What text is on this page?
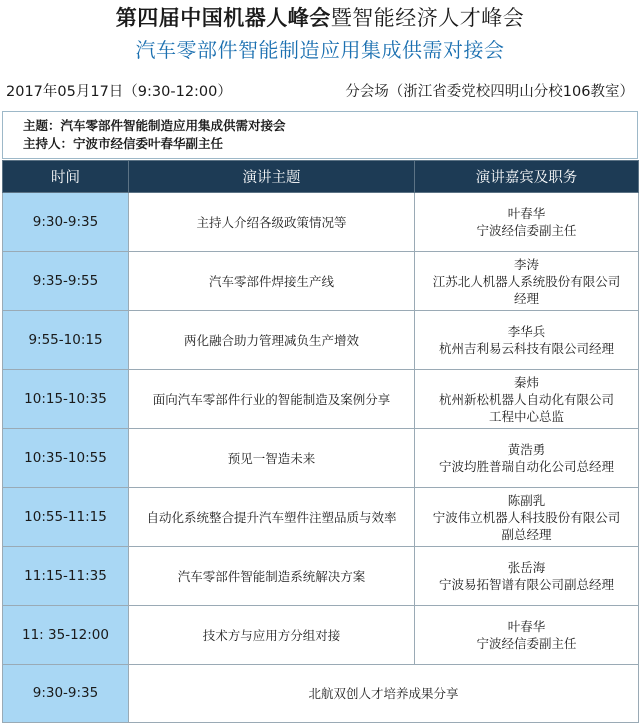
第四届中国机器人峰会暨智能经济人才峰会
汽车零部件智能制造应用集成供需对接会
2017年05月17日（9:30-12:00）	分会场（浙江省委党校四明山分校106教室）
主题：汽车零部件智能制造应用集成供需对接会
主持人：宁波市经信委叶春华副主任
时间	演讲主题	演讲嘉宾及职务
9:30-9:35	主持人介绍各级政策情况等	叶春华
宁波经信委副主任

9:35-9:55	汽车零部件焊接生产线	李涛
江苏北人机器人系统股份有限公司
经理

9:55-10:15	两化融合助力管理减负生产增效	李华兵
杭州吉利易云科技有限公司经理

10:15-10:35	面向汽车零部件行业的智能制造及案例分享	秦炜
杭州新松机器人自动化有限公司
工程中心总监

10:35-10:55	预见一智造未来	黄浩勇
宁波均胜普瑞自动化公司总经理

10:55-11:15	自动化系统整合提升汽车塑件注塑品质与效率	陈副乳
宁波伟立机器人科技股份有限公司
副总经理

11:15-11:35	汽车零部件智能制造系统解决方案	张岳海
宁波易拓智谱有限公司副总经理

11: 35-12:00	技术方与应用方分组对接	叶春华
宁波经信委副主任

9:30-9:35	北航双创人才培养成果分享	
